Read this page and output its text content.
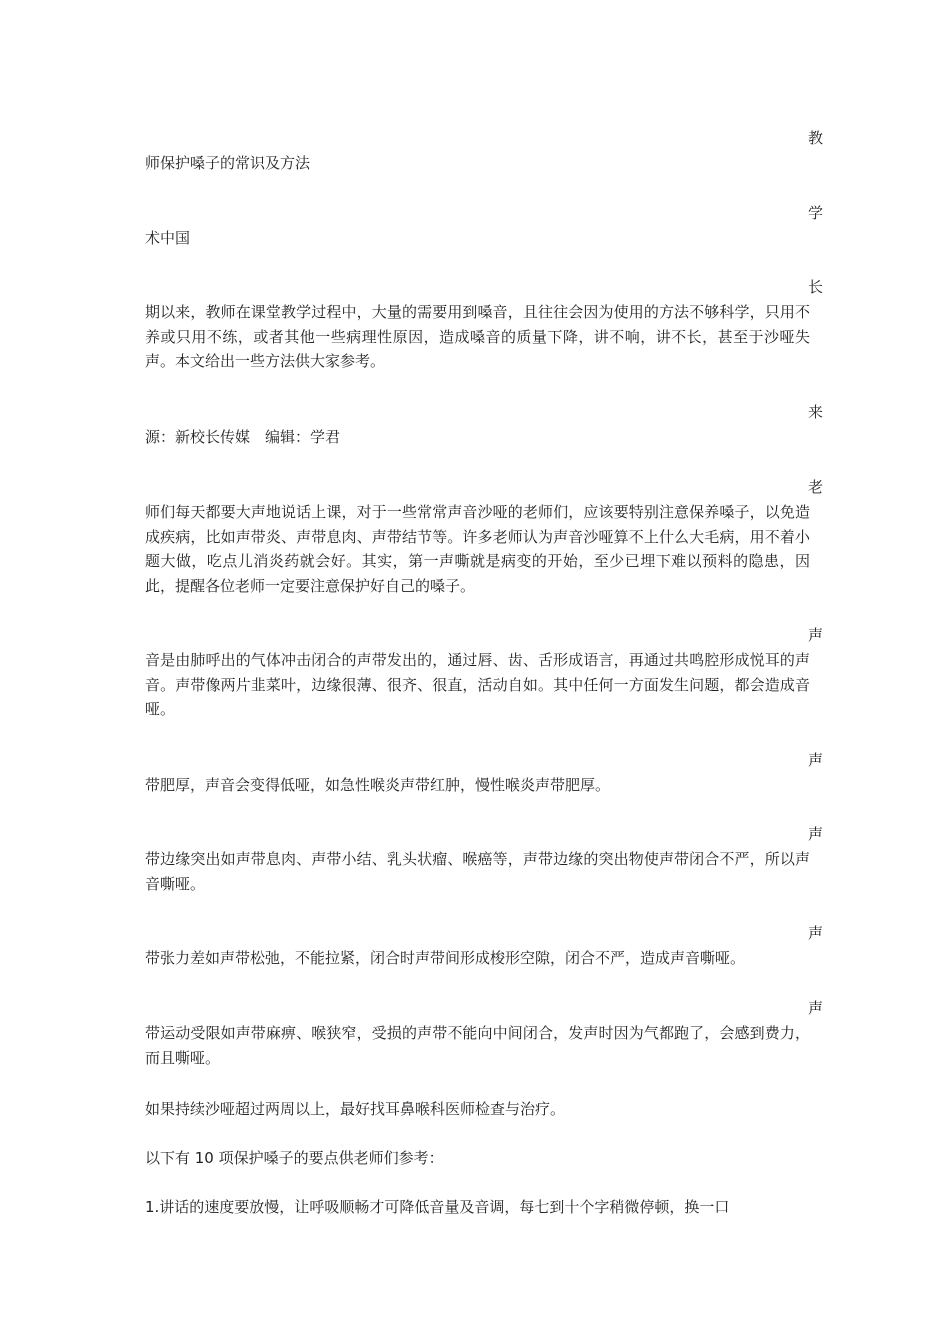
教

师保护嗓子的常识及方法

学

术中国

长

期以来，教师在课堂教学过程中，大量的需要用到嗓音，且往往会因为使用的方法不够科学，只用不养或只用不练，或者其他一些病理性原因，造成嗓音的质量下降，讲不响，讲不长，甚至于沙哑失声。本文给出一些方法供大家参考。

来

源：新校长传媒　编辑：学君

老

师们每天都要大声地说话上课，对于一些常常声音沙哑的老师们，应该要特别注意保养嗓子，以免造成疾病，比如声带炎、声带息肉、声带结节等。许多老师认为声音沙哑算不上什么大毛病，用不着小题大做，吃点儿消炎药就会好。其实，第一声嘶就是病变的开始，至少已埋下难以预料的隐患，因此，提醒各位老师一定要注意保护好自己的嗓子。

声

音是由肺呼出的气体冲击闭合的声带发出的，通过唇、齿、舌形成语言，再通过共鸣腔形成悦耳的声音。声带像两片韭菜叶，边缘很薄、很齐、很直，活动自如。其中任何一方面发生问题，都会造成音哑。

声

带肥厚，声音会变得低哑，如急性喉炎声带红肿，慢性喉炎声带肥厚。

声

带边缘突出如声带息肉、声带小结、乳头状瘤、喉癌等，声带边缘的突出物使声带闭合不严，所以声音嘶哑。

声

带张力差如声带松弛，不能拉紧，闭合时声带间形成梭形空隙，闭合不严，造成声音嘶哑。

声

带运动受限如声带麻痹、喉狭窄，受损的声带不能向中间闭合，发声时因为气都跑了，会感到费力，而且嘶哑。

如果持续沙哑超过两周以上，最好找耳鼻喉科医师检查与治疗。

以下有 10 项保护嗓子的要点供老师们参考：

1.讲话的速度要放慢，让呼吸顺畅才可降低音量及音调，每七到十个字稍微停顿，换一口
